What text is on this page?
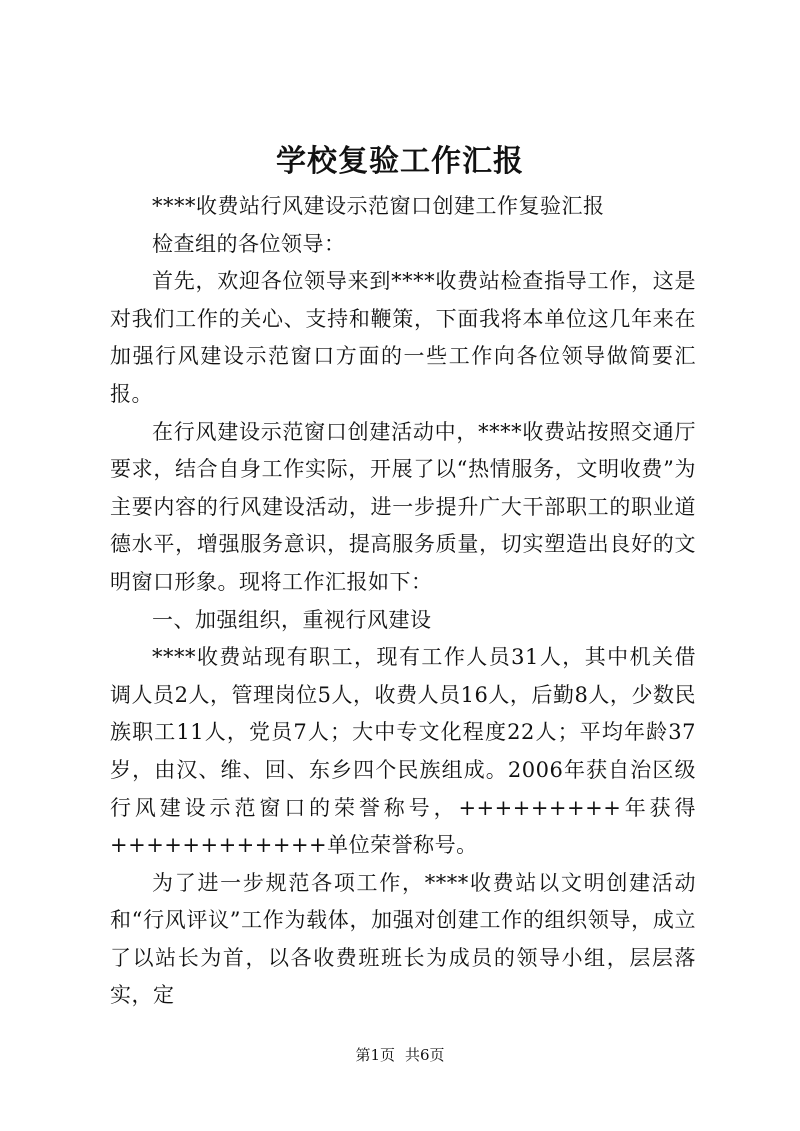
学校复验工作汇报

****收费站行风建设示范窗口创建工作复验汇报

检查组的各位领导：

首先，欢迎各位领导来到****收费站检查指导工作，这是对我们工作的关心、支持和鞭策，下面我将本单位这几年来在加强行风建设示范窗口方面的一些工作向各位领导做简要汇报。

在行风建设示范窗口创建活动中，****收费站按照交通厅要求，结合自身工作实际，开展了以“热情服务，文明收费”为主要内容的行风建设活动，进一步提升广大干部职工的职业道德水平，增强服务意识，提高服务质量，切实塑造出良好的文明窗口形象。现将工作汇报如下：

一、加强组织，重视行风建设

****收费站现有职工，现有工作人员31人，其中机关借调人员2人，管理岗位5人，收费人员16人，后勤8人，少数民族职工11人，党员7人；大中专文化程度22人；平均年龄37岁，由汉、维、回、东乡四个民族组成。2006年获自治区级行风建设示范窗口的荣誉称号，+++++++++年获得++++++++++++单位荣誉称号。

为了进一步规范各项工作，****收费站以文明创建活动和“行风评议”工作为载体，加强对创建工作的组织领导，成立了以站长为首，以各收费班班长为成员的领导小组，层层落实，定

第1页 共6页
